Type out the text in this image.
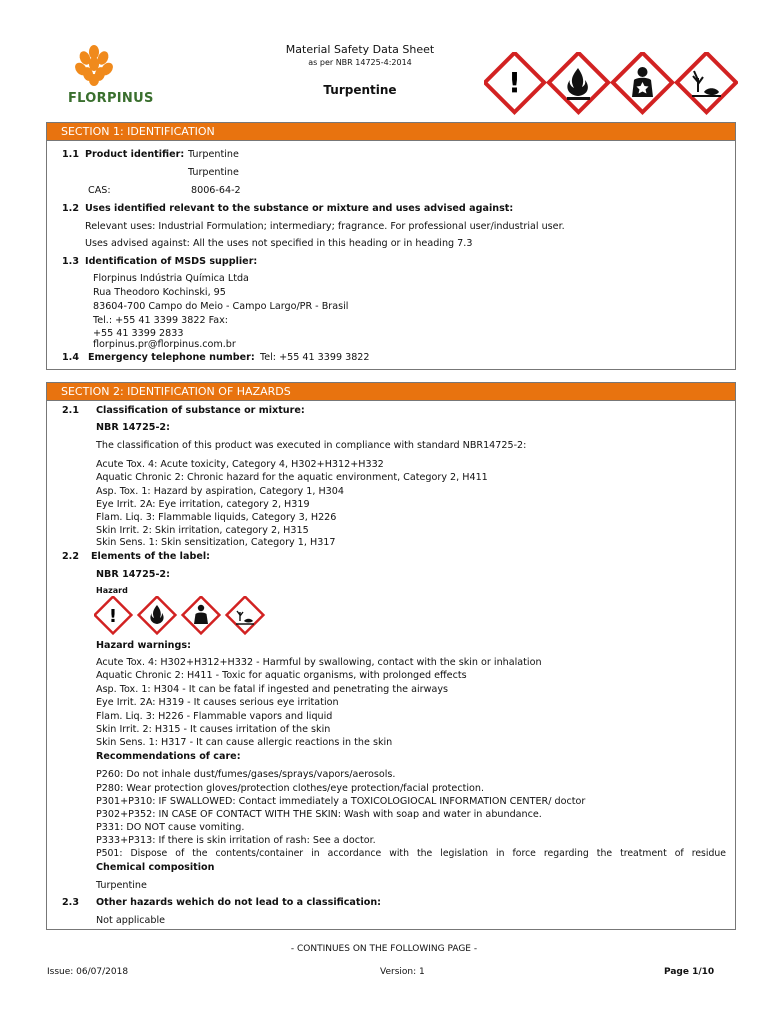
FLORPINUS
Material Safety Data Sheet
as per NBR 14725-4:2014
Turpentine	!
SECTION 1: IDENTIFICATION
1.1 Product identifier: Turpentine
Turpentine
CAS:	8006-64-2
1.2 Uses identified relevant to the substance or mixture and uses advised against:
Relevant uses: Industrial Formulation; intermediary; fragrance. For professional user/industrial user.
Uses advised against: All the uses not specified in this heading or in heading 7.3
1.3 Identification of MSDS supplier:
Florpinus Indústria Química Ltda
Rua Theodoro Kochinski, 95
83604-700 Campo do Meio - Campo Largo/PR - Brasil
Tel.: +55 41 3399 3822 Fax:
+55 41 3399 2833
florpinus.pr@florpinus.com.br
1.4 Emergency telephone number: Tel: +55 41 3399 3822
SECTION 2: IDENTIFICATION OF HAZARDS
2.1 Classification of substance or mixture:
NBR 14725-2:
The classification of this product was executed in compliance with standard NBR14725-2:
Acute Tox. 4: Acute toxicity, Category 4, H302+H312+H332
Aquatic Chronic 2: Chronic hazard for the aquatic environment, Category 2, H411
Asp. Tox. 1: Hazard by aspiration, Category 1, H304
Eye Irrit. 2A: Eye irritation, category 2, H319
Flam. Liq. 3: Flammable liquids, Category 3, H226
Skin Irrit. 2: Skin irritation, category 2, H315
Skin Sens. 1: Skin sensitization, Category 1, H317
2.2 Elements of the label:
NBR 14725-2:
Hazard
!
Hazard warnings:
Acute Tox. 4: H302+H312+H332 - Harmful by swallowing, contact with the skin or inhalation
Aquatic Chronic 2: H411 - Toxic for aquatic organisms, with prolonged effects
Asp. Tox. 1: H304 - It can be fatal if ingested and penetrating the airways
Eye Irrit. 2A: H319 - It causes serious eye irritation
Flam. Liq. 3: H226 - Flammable vapors and liquid
Skin Irrit. 2: H315 - It causes irritation of the skin
Skin Sens. 1: H317 - It can cause allergic reactions in the skin
Recommendations of care:
P260: Do not inhale dust/fumes/gases/sprays/vapors/aerosols.
P280: Wear protection gloves/protection clothes/eye protection/facial protection.
P301+P310: IF SWALLOWED: Contact immediately a TOXICOLOGIOCAL INFORMATION CENTER/ doctor
P302+P352: IN CASE OF CONTACT WITH THE SKIN: Wash with soap and water in abundance.
P331: DO NOT cause vomiting.
P333+P313: If there is skin irritation of rash: See a doctor.
P501: Dispose of the contents/container in accordance with the legislation in force regarding the treatment of residue
Chemical composition
Turpentine
2.3 Other hazards wehich do not lead to a classification:
Not applicable
- CONTINUES ON THE FOLLOWING PAGE -
Issue: 06/07/2018	Version: 1	Page 1/10
